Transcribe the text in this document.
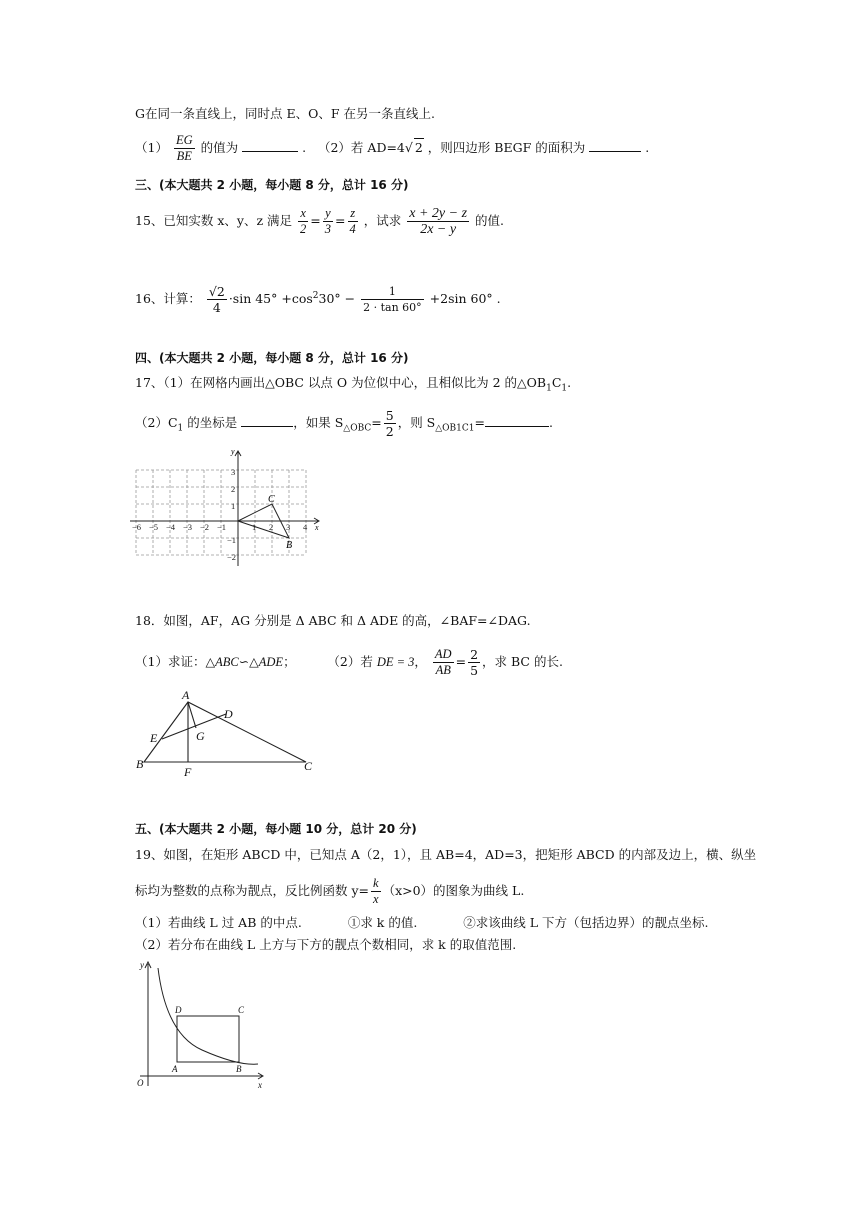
G在同一条直线上，同时点 E、O、F 在另一条直线上.
$(1) \frac{EG}{BE}$ 的值为	. （2）若 AD=4√ 2 ，则四边形 BEGF 的面积为	.
三、(本大题共 2 小题，每小题 8 分，总计 16 分)
15、已知实数 x、y、z 满足 $\frac{x}{2} = \frac{y}{3} = \frac{z}{4}$ ，试求 $\frac{x + 2y - z}{2x - y}$ 的值.
16、计算： $\frac{√2}{4} \cdot\sin$ $45^\circ +\cos^230^\circ - \frac{1}{2 \cdot \tan 60^\circ} +2\sin$ 60° .
四、(本大题共 2 小题，每小题 8 分，总计 16 分)
17、（1）在网格内画出△OBC 以点 O 为位似中心，且相似比为 2 的$\triangle OB_1C_1$.
$(2)C_1$ 的坐标是	，如果 $S_{\triangle OBC}= \frac{5}{2}$ ，则 $S_{\triangle OB1C1}=$	.
y
x
−6 −5 −4 −3 −2 −1	1 2 3 4
3
2
1
−1
−2
C
B
18．如图，AF，AG 分别是 Δ ABC 和 Δ ADE 的高，∠BAF=∠DAG.
（1）求证：△ABC∽△ADE；	（2）若 DE = 3， $\frac{AD}{AB} = \frac{2}{5}$ ，求 BC 的长.
A
D
E	G
B
F	C
五、(本大题共 2 小题，每小题 10 分，总计 20 分)
19、如图，在矩形 ABCD 中，已知点 A（2，1），且 AB=4，AD=3，把矩形 ABCD 的内部及边上，横、纵坐
标均为整数的点称为靓点，反比例函数 $y= \frac{k}{x} (x>0)$的图象为曲线 L.
（1）若曲线 L 过 AB 的中点.	①求 k 的值.	②求该曲线 L 下方（包括边界）的靓点坐标.
（2）若分布在曲线 L 上方与下方的靓点个数相同，求 k 的取值范围.
y
D	C
A	B
O	x
